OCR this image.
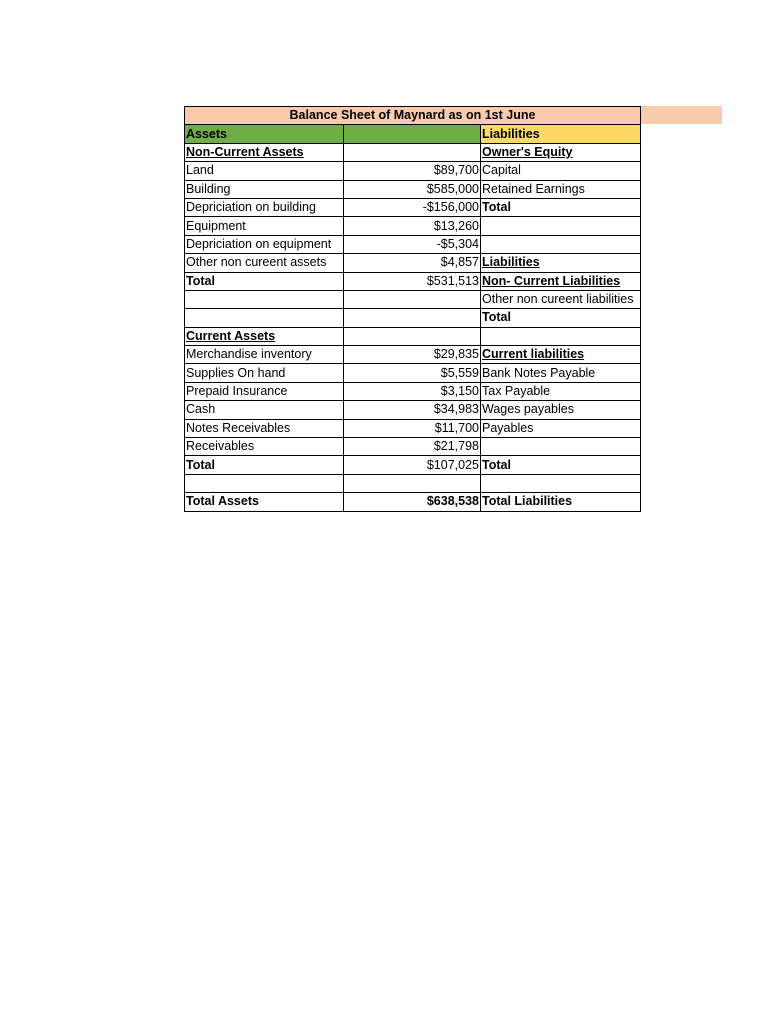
Balance Sheet of Maynard as on 1st June		
Assets		Liabilities
Non-Current Assets		Owner's Equity
Land	$89,700	Capital
Building	$585,000	Retained Earnings
Depriciation on building	-$156,000	Total
Equipment	$13,260	
Depriciation on equipment	-$5,304	
Other non cureent assets	$4,857	Liabilities
Total	$531,513	Non- Current Liabilities
		Other non cureent liabilities
		Total
Current Assets		
Merchandise inventory	$29,835	Current liabilities
Supplies On hand	$5,559	Bank Notes Payable
Prepaid Insurance	$3,150	Tax Payable
Cash	$34,983	Wages payables
Notes Receivables	$11,700	Payables
Receivables	$21,798	
Total	$107,025	Total

Total Assets	$638,538	Total Liabilities
